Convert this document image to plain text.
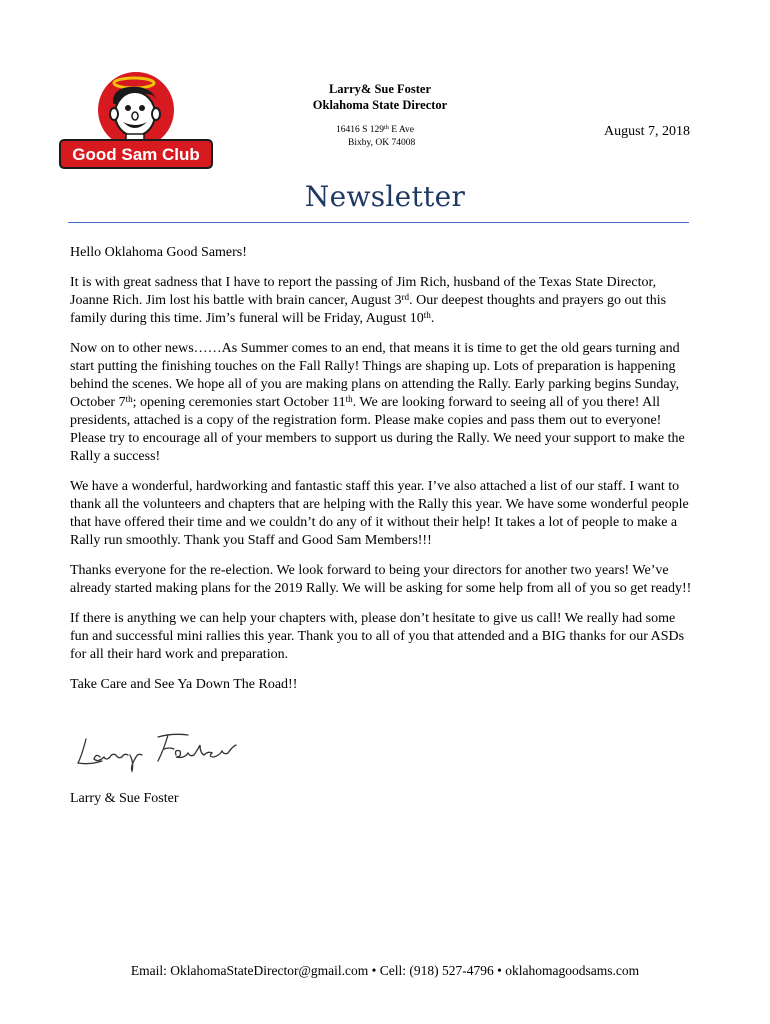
Good Sam Club
Larry& Sue Foster
Oklahoma State Director
16416 S 129th E Ave
Bixby, OK 74008
August 7, 2018
Newsletter

Hello Oklahoma Good Samers!

It is with great sadness that I have to report the passing of Jim Rich, husband of the Texas State Director, Joanne Rich. Jim lost his battle with brain cancer, August 3rd. Our deepest thoughts and prayers go out this family during this time. Jim’s funeral will be Friday, August 10th.

Now on to other news……As Summer comes to an end, that means it is time to get the old gears turning and start putting the finishing touches on the Fall Rally! Things are shaping up. Lots of preparation is happening behind the scenes. We hope all of you are making plans on attending the Rally. Early parking begins Sunday, October 7th; opening ceremonies start October 11th. We are looking forward to seeing all of you there! All presidents, attached is a copy of the registration form. Please make copies and pass them out to everyone! Please try to encourage all of your members to support us during the Rally. We need your support to make the Rally a success!

We have a wonderful, hardworking and fantastic staff this year. I’ve also attached a list of our staff. I want to thank all the volunteers and chapters that are helping with the Rally this year. We have some wonderful people that have offered their time and we couldn’t do any of it without their help! It takes a lot of people to make a Rally run smoothly. Thank you Staff and Good Sam Members!!!

Thanks everyone for the re-election. We look forward to being your directors for another two years! We’ve already started making plans for the 2019 Rally. We will be asking for some help from all of you so get ready!!

If there is anything we can help your chapters with, please don’t hesitate to give us call! We really had some fun and successful mini rallies this year. Thank you to all of you that attended and a BIG thanks for our ASDs for all their hard work and preparation.

Take Care and See Ya Down The Road!!

Larry & Sue Foster
Email: OklahomaStateDirector@gmail.com • Cell: (918) 527-4796 • oklahomagoodsams.com
